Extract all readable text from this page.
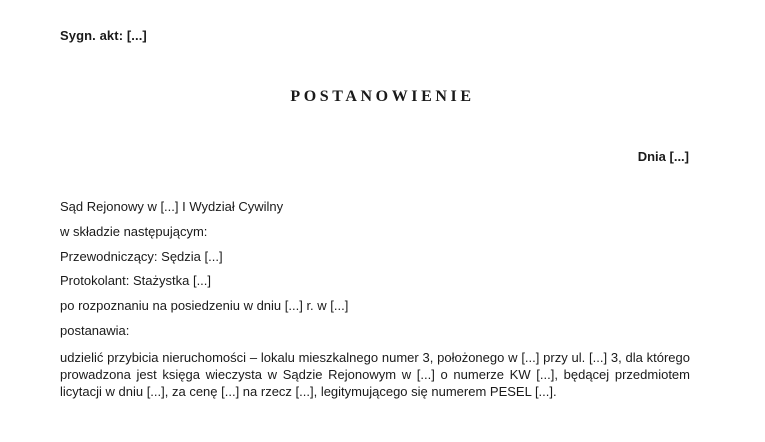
Sygn. akt: [...]
POSTANOWIENIE
Dnia [...]
Sąd Rejonowy w [...] I Wydział Cywilny
w składzie następującym:
Przewodniczący: Sędzia [...]
Protokolant: Stażystka [...]
po rozpoznaniu na posiedzeniu w dniu [...] r. w [...]
postanawia:

udzielić przybicia nieruchomości – lokalu mieszkalnego numer 3, położonego w [...] przy ul. [...] 3, dla którego prowadzona jest księga wieczysta w Sądzie Rejonowym w [...] o numerze KW [...], będącej przedmiotem licytacji w dniu [...], za cenę [...] na rzecz [...], legitymującego się numerem PESEL [...].
